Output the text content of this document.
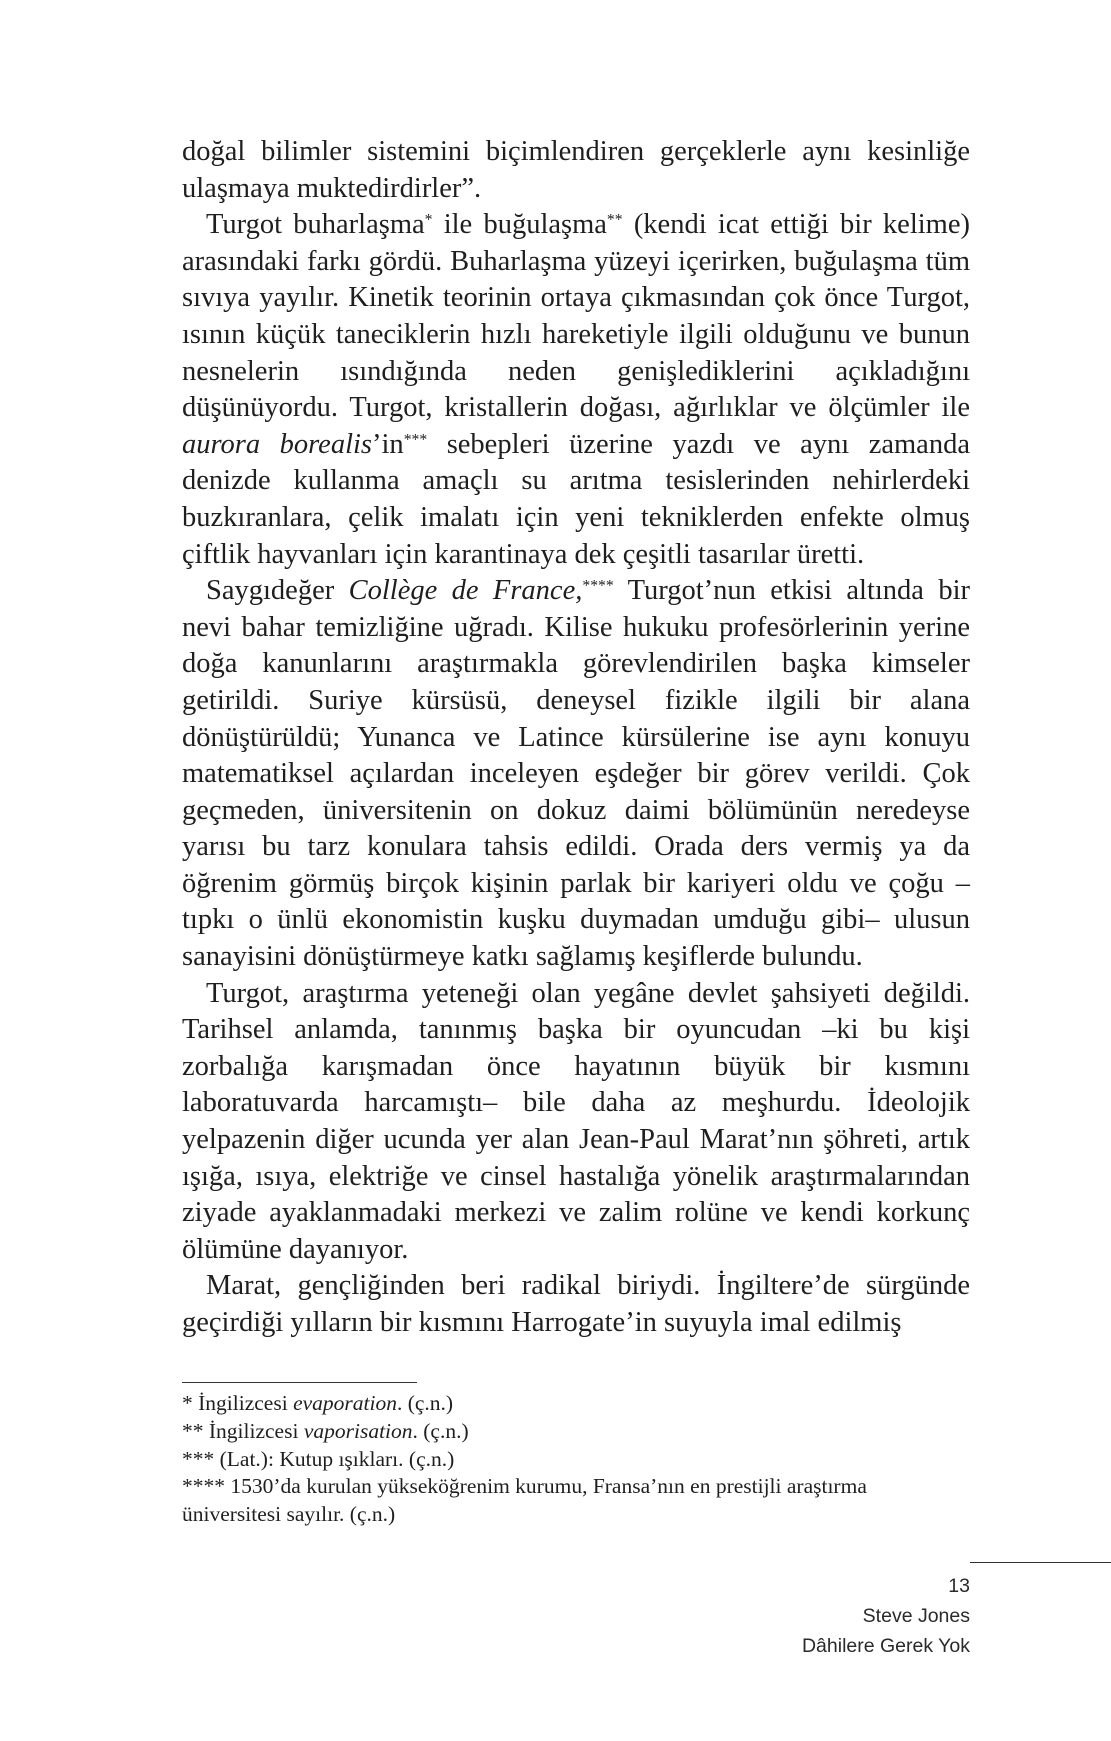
doğal bilimler sistemini biçimlendiren gerçeklerle aynı kesinliğe ulaşmaya muktedirdirler”.

Turgot buharlaşma* ile buğulaşma** (kendi icat ettiği bir kelime) arasındaki farkı gördü. Buharlaşma yüzeyi içerirken, buğulaşma tüm sıvıya yayılır. Kinetik teorinin ortaya çıkmasından çok önce Turgot, ısının küçük taneciklerin hızlı hareketiyle ilgili olduğunu ve bunun nesnelerin ısındığında neden genişlediklerini açıkladığını düşünüyordu. Turgot, kristallerin doğası, ağırlıklar ve ölçümler ile aurora borealis’in*** sebepleri üzerine yazdı ve aynı zamanda denizde kullanma amaçlı su arıtma tesislerinden nehirlerdeki buzkıranlara, çelik imalatı için yeni tekniklerden enfekte olmuş çiftlik hayvanları için karantinaya dek çeşitli tasarılar üretti.

Saygıdeğer Collège de France,**** Turgot’nun etkisi altında bir nevi bahar temizliğine uğradı. Kilise hukuku profesörlerinin yerine doğa kanunlarını araştırmakla görevlendirilen başka kimseler getirildi. Suriye kürsüsü, deneysel fizikle ilgili bir alana dönüştürüldü; Yunanca ve Latince kürsülerine ise aynı konuyu matematiksel açılardan inceleyen eşdeğer bir görev verildi. Çok geçmeden, üniversitenin on dokuz daimi bölümünün neredeyse yarısı bu tarz konulara tahsis edildi. Orada ders vermiş ya da öğrenim görmüş birçok kişinin parlak bir kariyeri oldu ve çoğu –tıpkı o ünlü ekonomistin kuşku duymadan umduğu gibi– ulusun sanayisini dönüştürmeye katkı sağlamış keşiflerde bulundu.

Turgot, araştırma yeteneği olan yegâne devlet şahsiyeti değildi. Tarihsel anlamda, tanınmış başka bir oyuncudan –ki bu kişi zorbalığa karışmadan önce hayatının büyük bir kısmını laboratuvarda harcamıştı– bile daha az meşhurdu. İdeolojik yelpazenin diğer ucunda yer alan Jean-Paul Marat’nın şöhreti, artık ışığa, ısıya, elektriğe ve cinsel hastalığa yönelik araştırmalarından ziyade ayaklanmadaki merkezi ve zalim rolüne ve kendi korkunç ölümüne dayanıyor.

Marat, gençliğinden beri radikal biriydi. İngiltere’de sürgünde geçirdiği yılların bir kısmını Harrogate’in suyuyla imal edilmiş

* İngilizcesi evaporation. (ç.n.)

** İngilizcesi vaporisation. (ç.n.)

*** (Lat.): Kutup ışıkları. (ç.n.)

**** 1530’da kurulan yükseköğrenim kurumu, Fransa’nın en prestijli araştırma üniversitesi sayılır. (ç.n.)

13
Steve Jones
Dâhilere Gerek Yok
